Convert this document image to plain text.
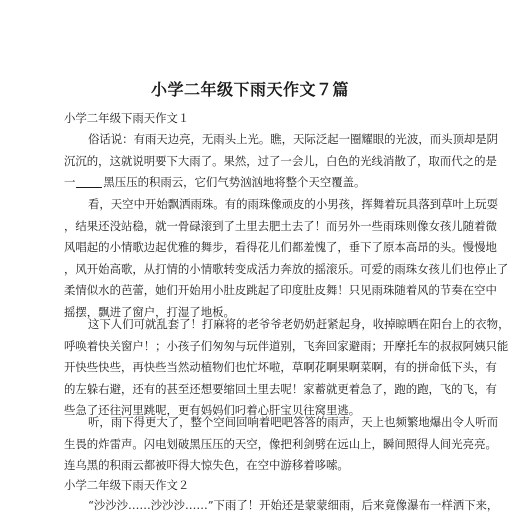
小学二年级下雨天作文７篇
小学二年级下雨天作文１
俗话说：有雨天边亮，无雨头上光。瞧，天际泛起一圈耀眼的光波，而头顶却是阴
沉沉的，这就说明要下大雨了。果然，过了一会儿，白色的光线消散了，取而代之的是
一 黑压压的积雨云，它们气势汹汹地将整个天空覆盖。
看，天空中开始飘洒雨珠。有的雨珠像顽皮的小男孩，挥舞着玩具落到草叶上玩耍
，结果还没站稳，就一骨碌滚到了土里去肥土去了！而另外一些雨珠则像女孩儿随着微
风唱起的小情歌边起优雅的舞步，看得花儿们都羞愧了，垂下了原本高昂的头。慢慢地
，风开始高歌，从打情的小情歌转变成活力奔放的摇滚乐。可爱的雨珠女孩儿们也停止了
柔情似水的芭蕾，她们开始用小肚皮跳起了印度肚皮舞！只见雨珠随着风的节奏在空中
摇摆，飘进了窗户，打湿了地板。
这下人们可就乱套了！打麻将的老爷爷老奶奶赶紧起身，收掉晾晒在阳台上的衣物，
呼唤着快关窗户！；小孩子们匆匆与玩伴道别，飞奔回家避雨；开摩托车的叔叔阿姨只能
开快些快些，再快些当然动植物们也忙坏啦，草啊花啊果啊菜啊，有的拼命低下头，有
的左躲右避，还有的甚至还想要缩回土里去呢！家蓄就更着急了，跑的跑，飞的飞，有
些急了还往河里跳呢，更有妈妈们叼着心肝宝贝往窝里逃。
听，雨下得更大了，整个空间回响着吧吧答答的雨声，天上也频繁地爆出令人听而
生畏的炸雷声。闪电划破黑压压的天空，像把利剑劈在远山上，瞬间照得人间光亮亮。
连乌黑的积雨云都被吓得大惊失色，在空中游移着哆嗦。
小学二年级下雨天作文２
“沙沙沙……沙沙沙……”下雨了！开始还是蒙蒙细雨，后来竟像瀑布一样洒下来，
